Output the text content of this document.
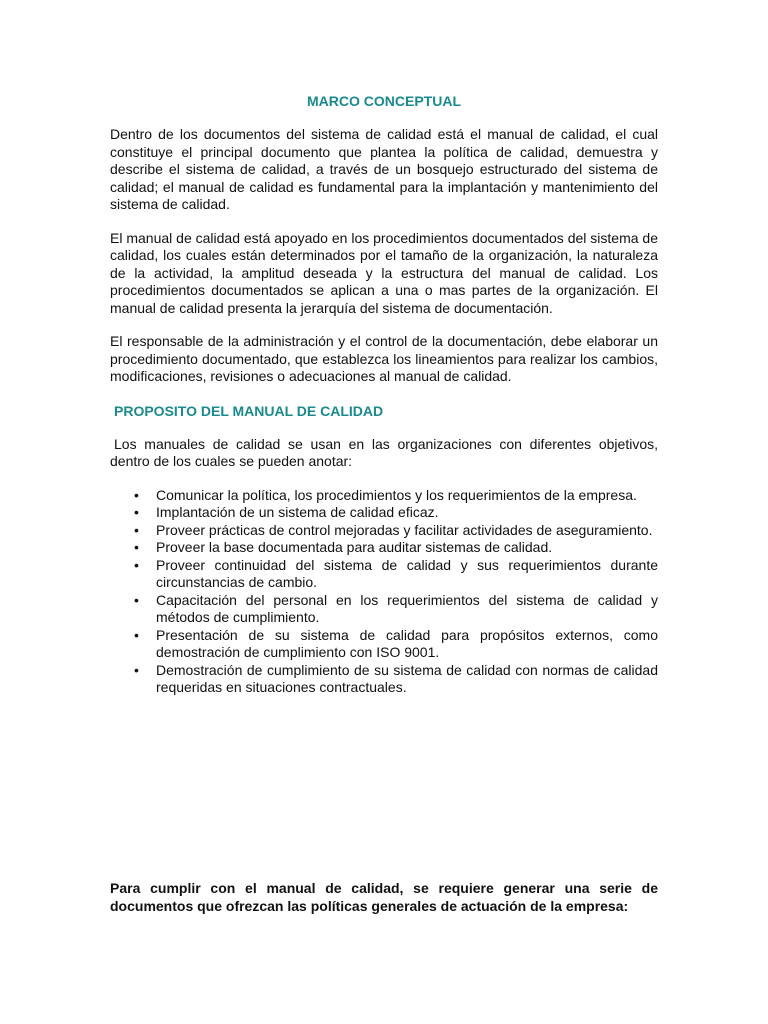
MARCO CONCEPTUAL

Dentro de los documentos del sistema de calidad está el manual de calidad, el cual constituye el principal documento que plantea la política de calidad, demuestra y describe el sistema de calidad, a través de un bosquejo estructurado del sistema de calidad; el manual de calidad es fundamental para la implantación y mantenimiento del sistema de calidad.

El manual de calidad está apoyado en los procedimientos documentados del sistema de calidad, los cuales están determinados por el tamaño de la organización, la naturaleza de la actividad, la amplitud deseada y la estructura del manual de calidad. Los procedimientos documentados se aplican a una o mas partes de la organización. El manual de calidad presenta la jerarquía del sistema de documentación.

El responsable de la administración y el control de la documentación, debe elaborar un procedimiento documentado, que establezca los lineamientos para realizar los cambios, modificaciones, revisiones o adecuaciones al manual de calidad.

PROPOSITO DEL MANUAL DE CALIDAD

Los manuales de calidad se usan en las organizaciones con diferentes objetivos, dentro de los cuales se pueden anotar:

• Comunicar la política, los procedimientos y los requerimientos de la empresa.
• Implantación de un sistema de calidad eficaz.
• Proveer prácticas de control mejoradas y facilitar actividades de aseguramiento.
• Proveer la base documentada para auditar sistemas de calidad.
• Proveer continuidad del sistema de calidad y sus requerimientos durante circunstancias de cambio.
• Capacitación del personal en los requerimientos del sistema de calidad y métodos de cumplimiento.
• Presentación de su sistema de calidad para propósitos externos, como demostración de cumplimiento con ISO 9001.
• Demostración de cumplimiento de su sistema de calidad con normas de calidad requeridas en situaciones contractuales.

Para cumplir con el manual de calidad, se requiere generar una serie de documentos que ofrezcan las políticas generales de actuación de la empresa:
